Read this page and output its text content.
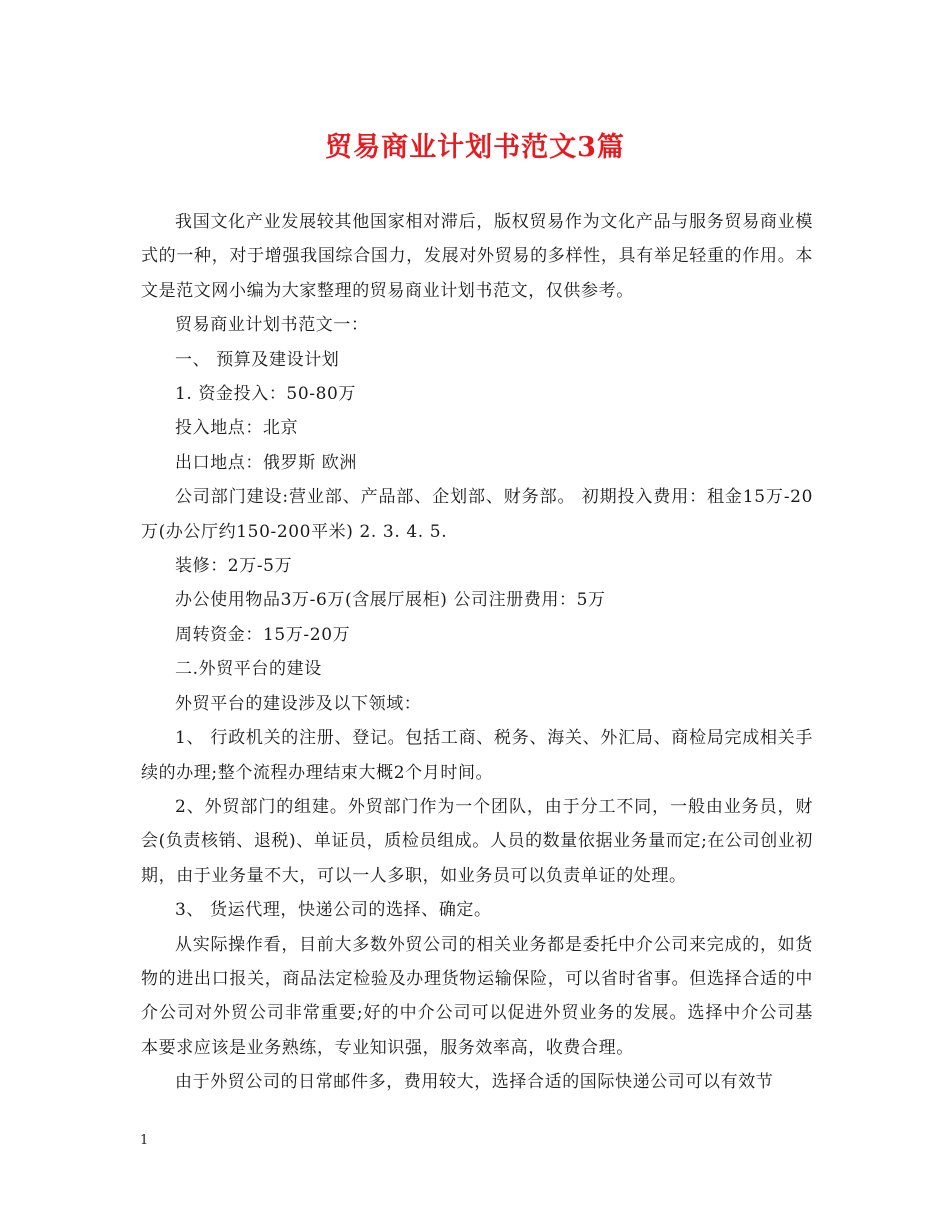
贸易商业计划书范文3篇

我国文化产业发展较其他国家相对滞后，版权贸易作为文化产品与服务贸易商业模式的一种，对于增强我国综合国力，发展对外贸易的多样性，具有举足轻重的作用。本文是范文网小编为大家整理的贸易商业计划书范文，仅供参考。

贸易商业计划书范文一：

一、 预算及建设计划

1. 资金投入：50-80万

投入地点：北京

出口地点：俄罗斯 欧洲

公司部门建设:营业部、产品部、企划部、财务部。 初期投入费用：租金15万-20万(办公厅约150-200平米) 2. 3. 4. 5.

装修：2万-5万

办公使用物品3万-6万(含展厅展柜) 公司注册费用：5万

周转资金：15万-20万

二.外贸平台的建设

外贸平台的建设涉及以下领域：

1、 行政机关的注册、登记。包括工商、税务、海关、外汇局、商检局完成相关手续的办理;整个流程办理结束大概2个月时间。

2、外贸部门的组建。外贸部门作为一个团队，由于分工不同，一般由业务员，财会(负责核销、退税)、单证员，质检员组成。人员的数量依据业务量而定;在公司创业初期，由于业务量不大，可以一人多职，如业务员可以负责单证的处理。

3、 货运代理，快递公司的选择、确定。

从实际操作看，目前大多数外贸公司的相关业务都是委托中介公司来完成的，如货物的进出口报关，商品法定检验及办理货物运输保险，可以省时省事。但选择合适的中介公司对外贸公司非常重要;好的中介公司可以促进外贸业务的发展。选择中介公司基本要求应该是业务熟练，专业知识强，服务效率高，收费合理。

由于外贸公司的日常邮件多，费用较大，选择合适的国际快递公司可以有效节

1
